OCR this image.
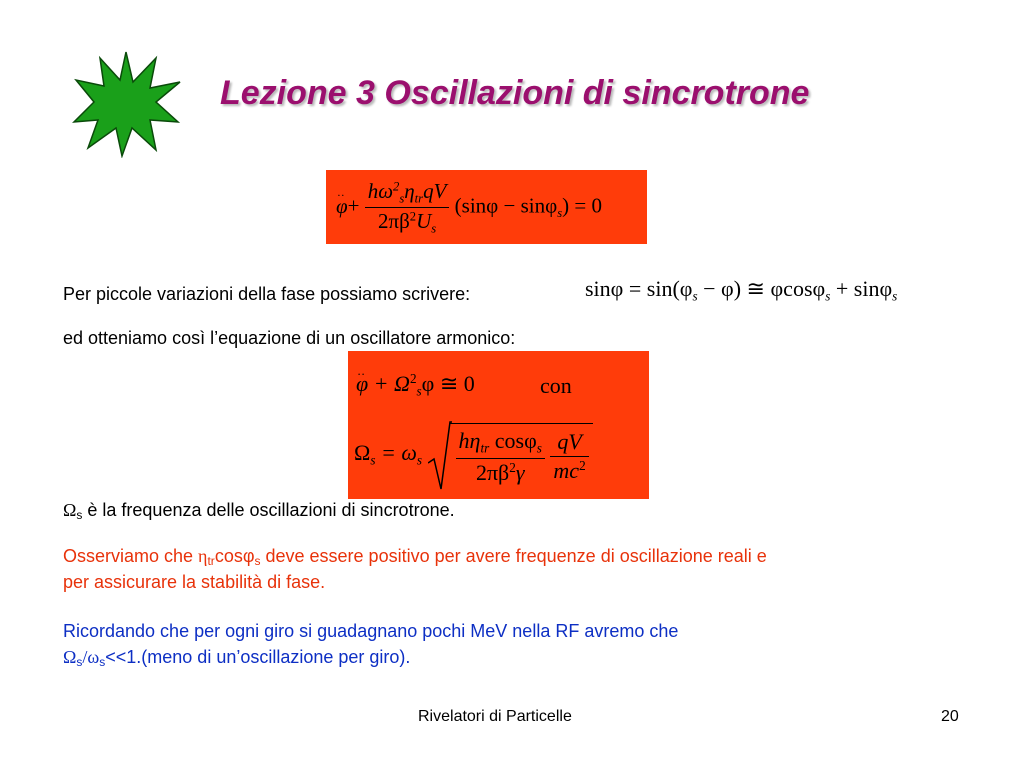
Lezione 3 Oscillazioni di sincrotrone
.. $\varphi+ \frac{h\omega^2_s\eta_{tr}qV}{2\pi\beta^2U_s} (\sin\varphi - \sin\varphi_s) = 0$
Per piccole variazioni della fase possiamo scrivere:	$\sin\varphi = \sin(\varphi_s - \varphi)$ ≅ φcosφ$_s$ + sinφ$_s$
ed otteniamo così l’equazione di un oscillatore armonico:
.. $\varphi + \Omega^2_s\varphi$ ≅ 0	con
$\Omega_s = \omega_s \frac{h\eta_{tr} \cos\varphi_s}{2\pi\beta^2\gamma}$
$\frac{qV}{mc^2}$
Ωs è la frequenza delle oscillazioni di sincrotrone.
Osserviamo che ηtrcosφs deve essere positivo per avere frequenze di oscillazione reali e
per assicurare la stabilità di fase.
Ricordando che per ogni giro si guadagnano pochi MeV nella RF avremo che
Ωs/ωs<<1.(meno di un’oscillazione per giro).
Rivelatori di Particelle	20
